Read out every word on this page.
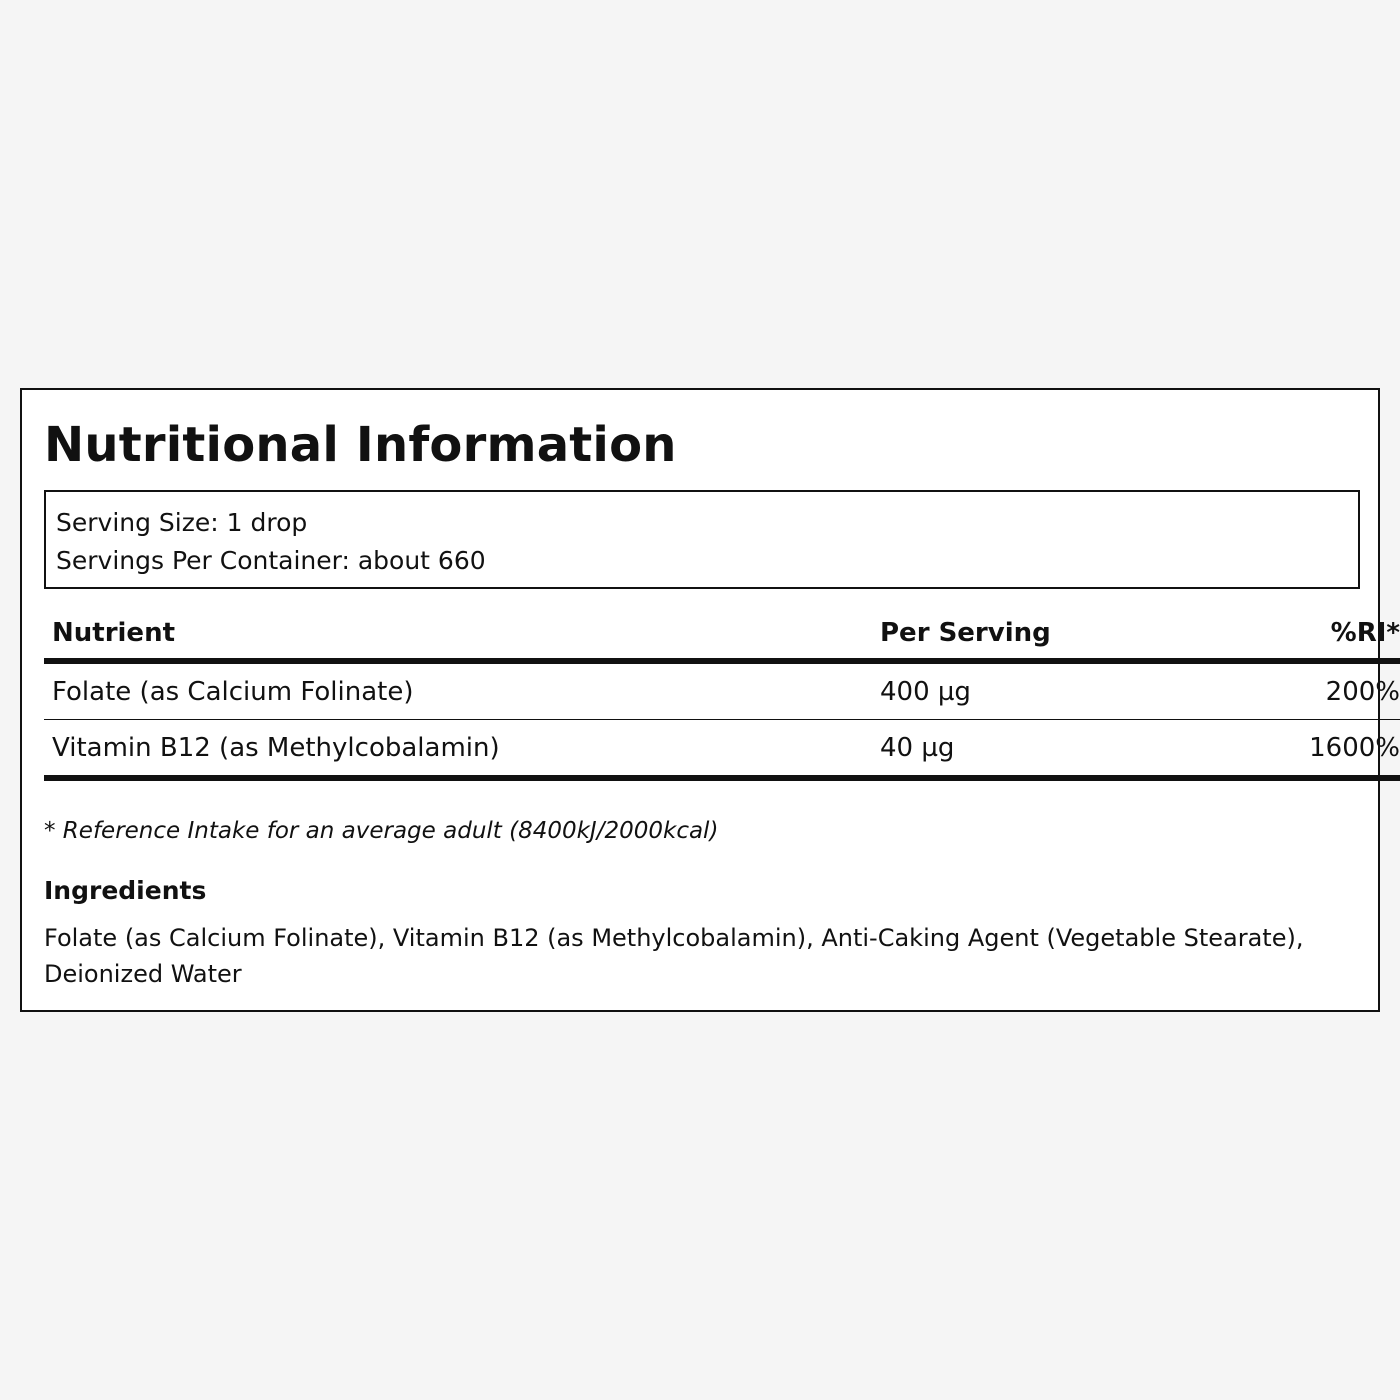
Nutritional Information
Serving Size: 1 drop
Servings Per Container: about 660
Nutrient	Per Serving	%RI*
Folate (as Calcium Folinate)	400 µg	200%
Vitamin B12 (as Methylcobalamin)	40 µg	1600%
* Reference Intake for an average adult (8400kJ/2000kcal)
Ingredients

Folate (as Calcium Folinate), Vitamin B12 (as Methylcobalamin), Anti-Caking Agent (Vegetable Stearate), Deionized Water
